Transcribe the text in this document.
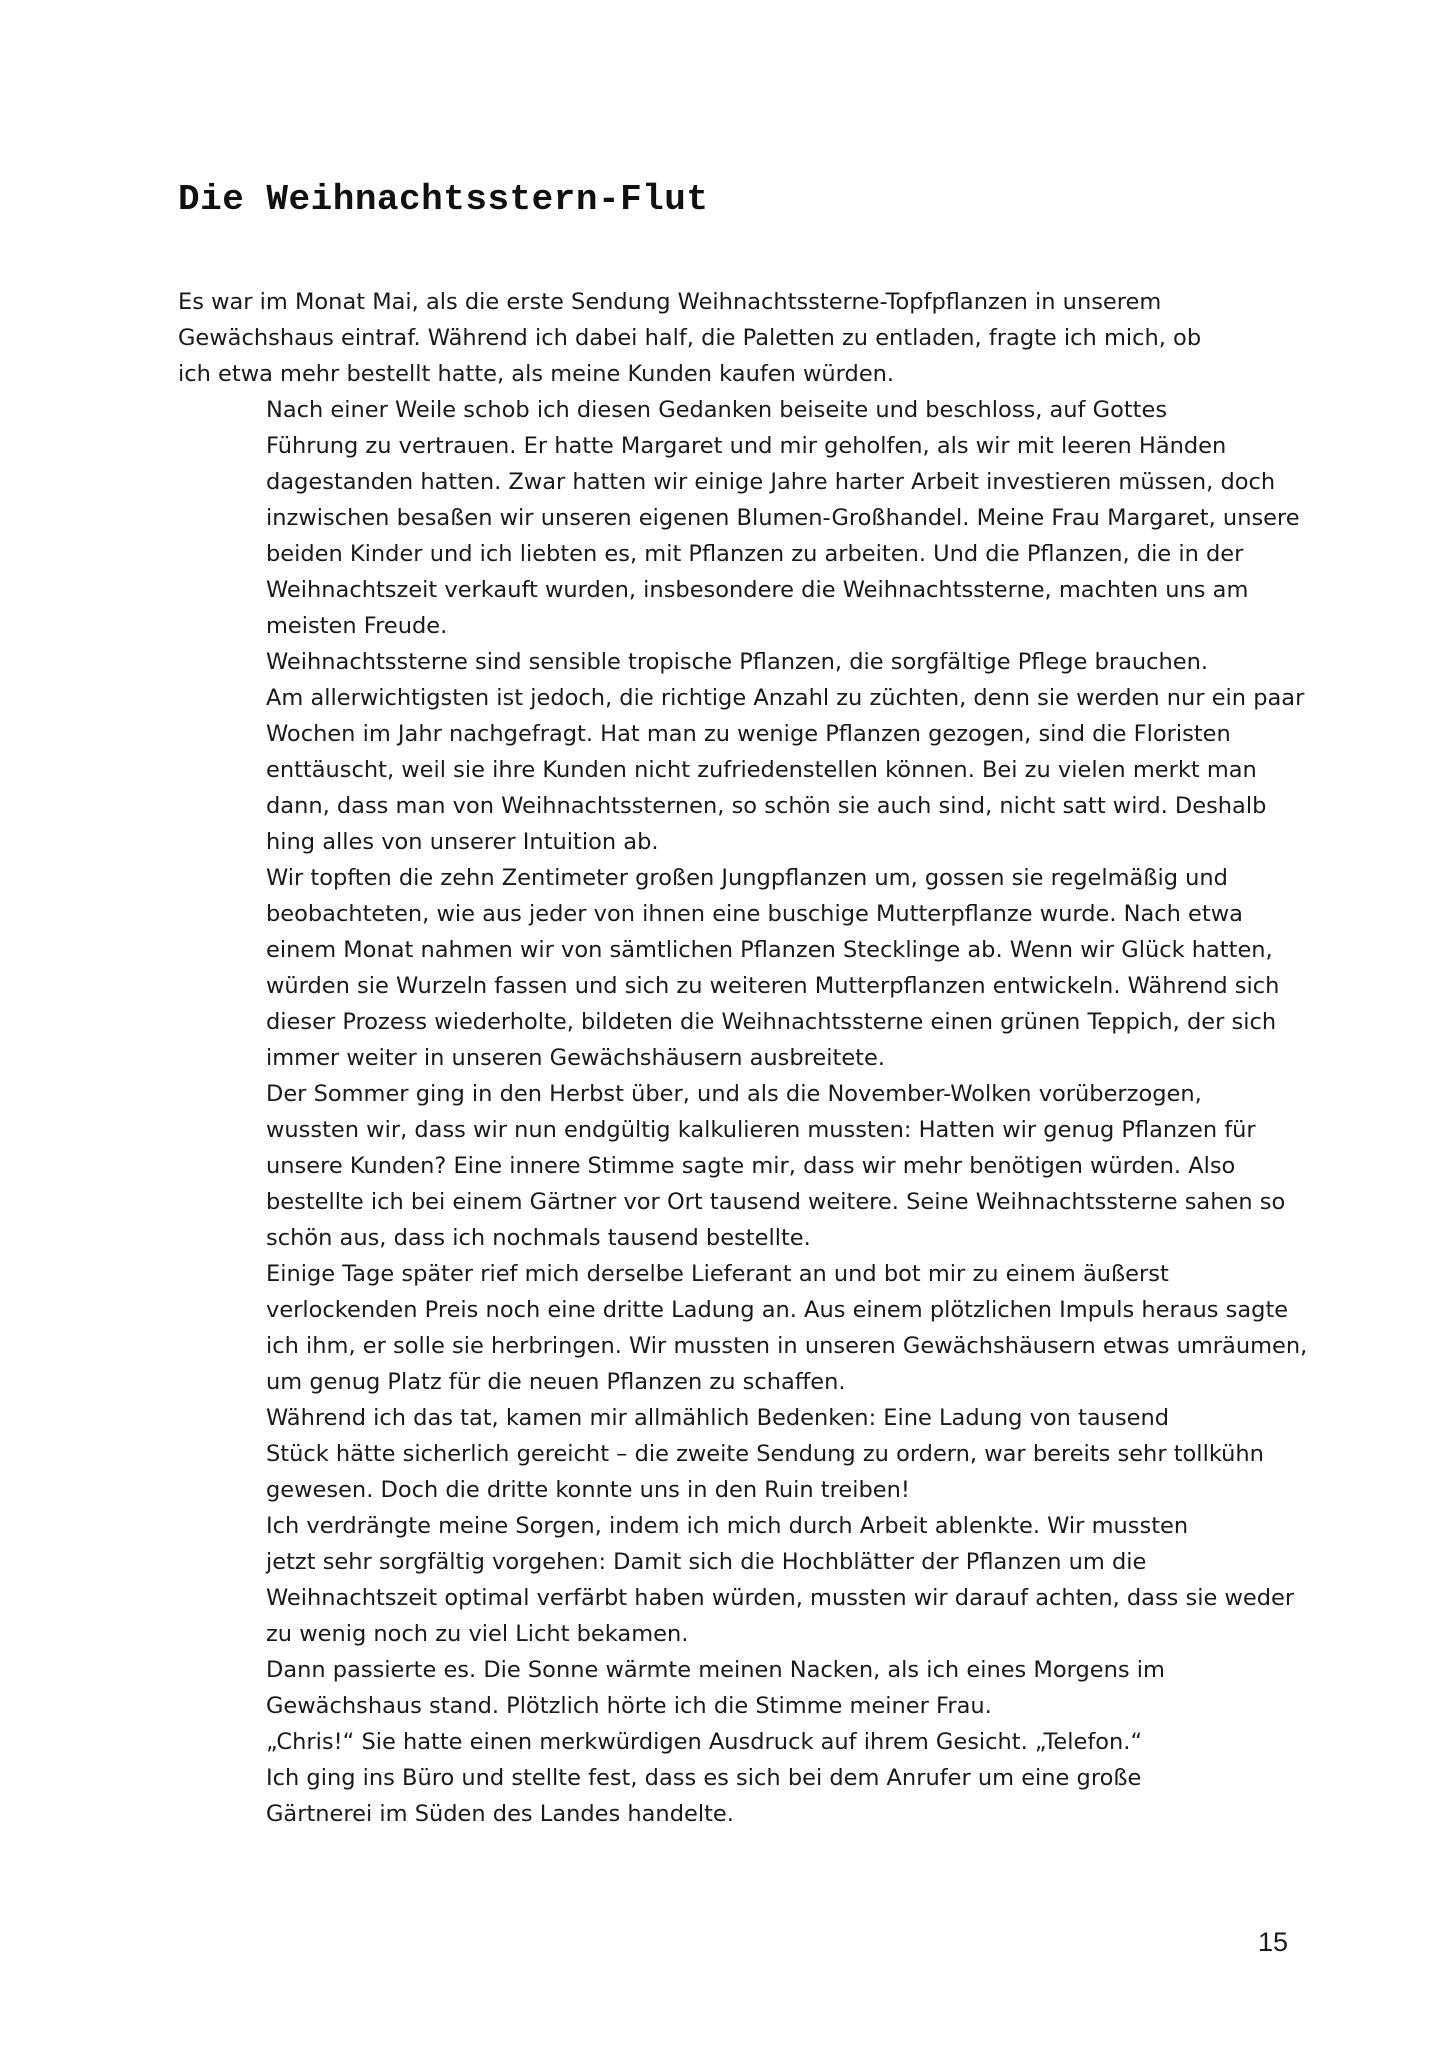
Die Weihnachtsstern-Flut

Es war im Monat Mai, als die erste Sendung Weihnachtssterne-Topfpflanzen in unserem
Gewächshaus eintraf. Während ich dabei half, die Paletten zu entladen, fragte ich mich, ob
ich etwa mehr bestellt hatte, als meine Kunden kaufen würden.

Nach einer Weile schob ich diesen Gedanken beiseite und beschloss, auf Gottes
Führung zu vertrauen. Er hatte Margaret und mir geholfen, als wir mit leeren Händen
dagestanden hatten. Zwar hatten wir einige Jahre harter Arbeit investieren müssen, doch
inzwischen besaßen wir unseren eigenen Blumen-Großhandel. Meine Frau Margaret, unsere
beiden Kinder und ich liebten es, mit Pflanzen zu arbeiten. Und die Pflanzen, die in der
Weihnachtszeit verkauft wurden, insbesondere die Weihnachtssterne, machten uns am
meisten Freude.

Weihnachtssterne sind sensible tropische Pflanzen, die sorgfältige Pflege brauchen.
Am allerwichtigsten ist jedoch, die richtige Anzahl zu züchten, denn sie werden nur ein paar
Wochen im Jahr nachgefragt. Hat man zu wenige Pflanzen gezogen, sind die Floristen
enttäuscht, weil sie ihre Kunden nicht zufriedenstellen können. Bei zu vielen merkt man
dann, dass man von Weihnachtssternen, so schön sie auch sind, nicht satt wird. Deshalb
hing alles von unserer Intuition ab.

Wir topften die zehn Zentimeter großen Jungpflanzen um, gossen sie regelmäßig und
beobachteten, wie aus jeder von ihnen eine buschige Mutterpflanze wurde. Nach etwa
einem Monat nahmen wir von sämtlichen Pflanzen Stecklinge ab. Wenn wir Glück hatten,
würden sie Wurzeln fassen und sich zu weiteren Mutterpflanzen entwickeln. Während sich
dieser Prozess wiederholte, bildeten die Weihnachtssterne einen grünen Teppich, der sich
immer weiter in unseren Gewächshäusern ausbreitete.

Der Sommer ging in den Herbst über, und als die November-Wolken vorüberzogen,
wussten wir, dass wir nun endgültig kalkulieren mussten: Hatten wir genug Pflanzen für
unsere Kunden? Eine innere Stimme sagte mir, dass wir mehr benötigen würden. Also
bestellte ich bei einem Gärtner vor Ort tausend weitere. Seine Weihnachtssterne sahen so
schön aus, dass ich nochmals tausend bestellte.

Einige Tage später rief mich derselbe Lieferant an und bot mir zu einem äußerst
verlockenden Preis noch eine dritte Ladung an. Aus einem plötzlichen Impuls heraus sagte
ich ihm, er solle sie herbringen. Wir mussten in unseren Gewächshäusern etwas umräumen,
um genug Platz für die neuen Pflanzen zu schaffen.

Während ich das tat, kamen mir allmählich Bedenken: Eine Ladung von tausend
Stück hätte sicherlich gereicht – die zweite Sendung zu ordern, war bereits sehr tollkühn
gewesen. Doch die dritte konnte uns in den Ruin treiben!

Ich verdrängte meine Sorgen, indem ich mich durch Arbeit ablenkte. Wir mussten
jetzt sehr sorgfältig vorgehen: Damit sich die Hochblätter der Pflanzen um die
Weihnachtszeit optimal verfärbt haben würden, mussten wir darauf achten, dass sie weder
zu wenig noch zu viel Licht bekamen.

Dann passierte es. Die Sonne wärmte meinen Nacken, als ich eines Morgens im
Gewächshaus stand. Plötzlich hörte ich die Stimme meiner Frau.

„Chris!“ Sie hatte einen merkwürdigen Ausdruck auf ihrem Gesicht. „Telefon.“

Ich ging ins Büro und stellte fest, dass es sich bei dem Anrufer um eine große
Gärtnerei im Süden des Landes handelte.

15
